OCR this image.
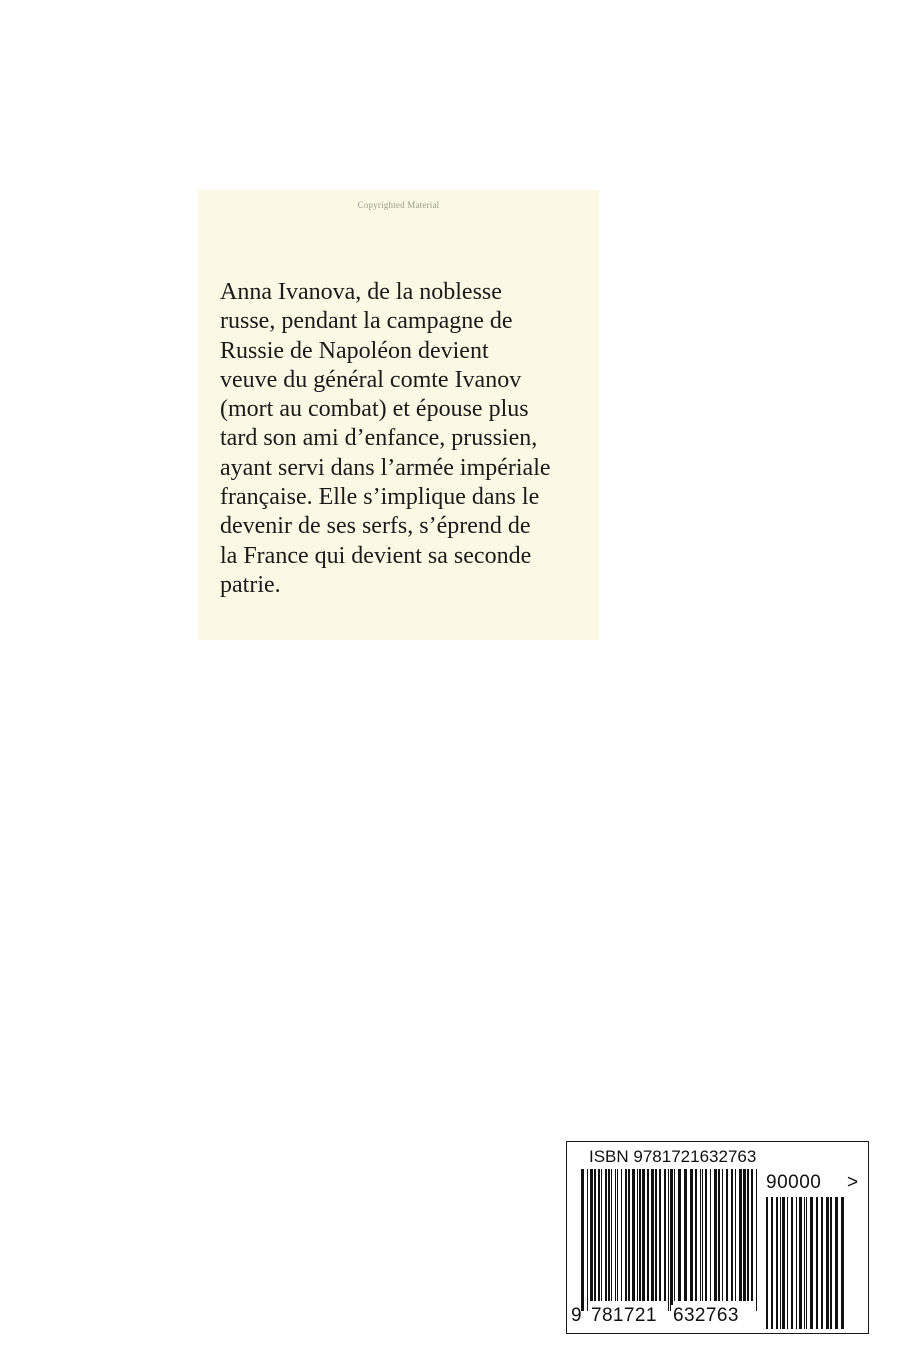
Copyrighted Material
Anna Ivanova, de la noblesse
russe, pendant la campagne de
Russie de Napoléon devient
veuve du général comte Ivanov
(mort au combat) et épouse plus
tard son ami d’enfance, prussien,
ayant servi dans l’armée impériale
française. Elle s’implique dans le
devenir de ses serfs, s’éprend de
la France qui devient sa seconde
patrie.
ISBN 9781721632763
90000 >
9 781721 632763
